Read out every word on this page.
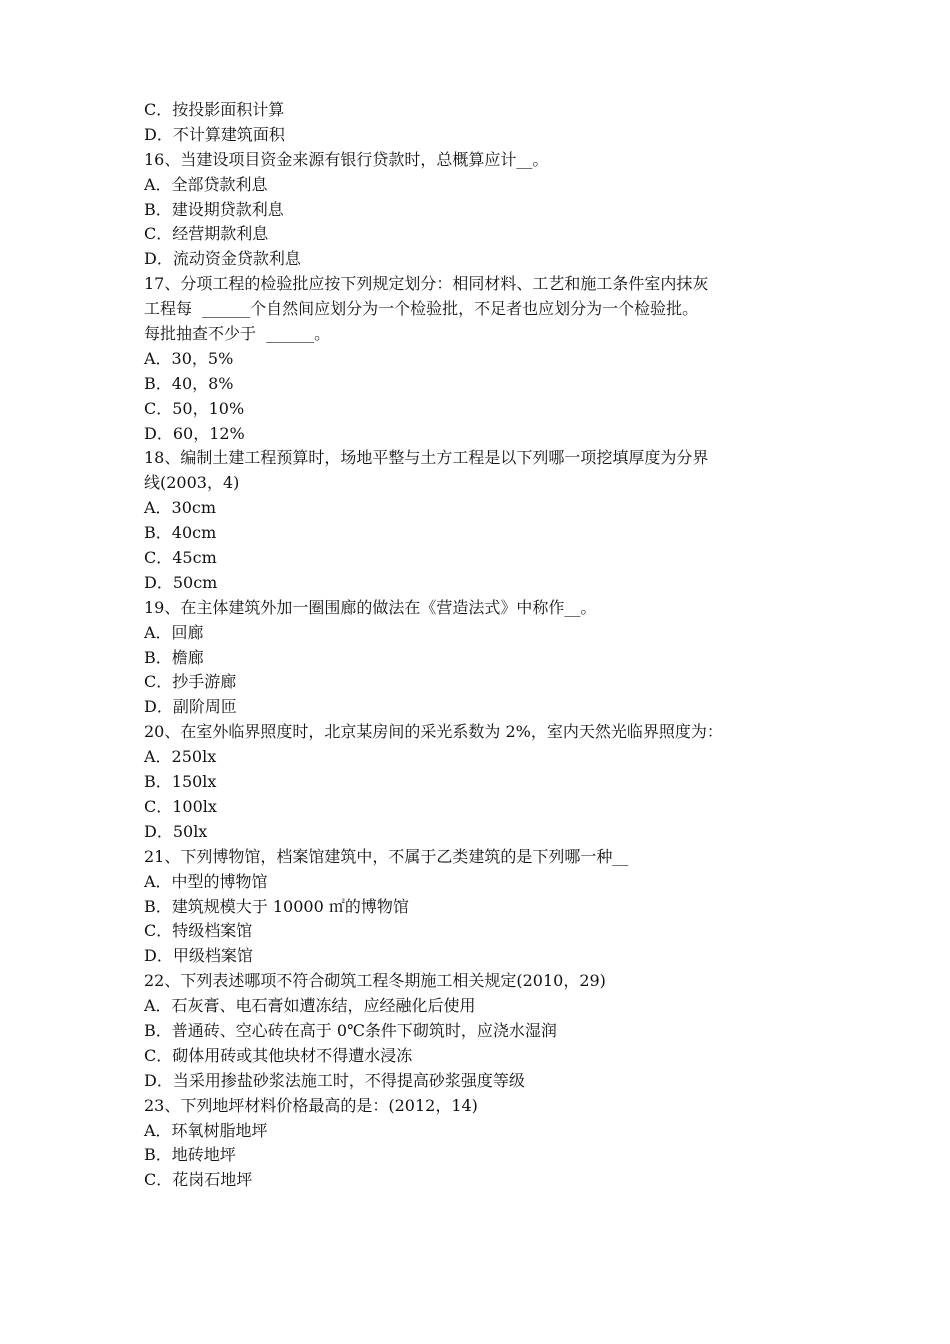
C．按投影面积计算

D．不计算建筑面积

16、当建设项目资金来源有银行贷款时，总概算应计__。

A．全部贷款利息

B．建设期贷款利息

C．经营期款利息

D．流动资金贷款利息

17、分项工程的检验批应按下列规定划分：相同材料、工艺和施工条件室内抹灰

工程每  ______个自然间应划分为一个检验批，不足者也应划分为一个检验批。

每批抽查不少于  ______。

A．30，5%

B．40，8%

C．50，10%

D．60，12%

18、编制土建工程预算时，场地平整与土方工程是以下列哪一项挖填厚度为分界

线(2003，4)

A．30cm

B．40cm

C．45cm

D．50cm

19、在主体建筑外加一圈围廊的做法在《营造法式》中称作__。

A．回廊

B．檐廊

C．抄手游廊

D．副阶周匝

20、在室外临界照度时，北京某房间的采光系数为 2%，室内天然光临界照度为：

A．250lx

B．150lx

C．100lx

D．50lx

21、下列博物馆，档案馆建筑中，不属于乙类建筑的是下列哪一种__

A．中型的博物馆

B．建筑规模大于 10000 ㎡的博物馆

C．特级档案馆

D．甲级档案馆

22、下列表述哪项不符合砌筑工程冬期施工相关规定(2010，29)

A．石灰膏、电石膏如遭冻结，应经融化后使用

B．普通砖、空心砖在高于 0℃条件下砌筑时，应浇水湿润

C．砌体用砖或其他块材不得遭水浸冻

D．当采用掺盐砂浆法施工时，不得提高砂浆强度等级

23、下列地坪材料价格最高的是：(2012，14)

A．环氧树脂地坪

B．地砖地坪

C．花岗石地坪
